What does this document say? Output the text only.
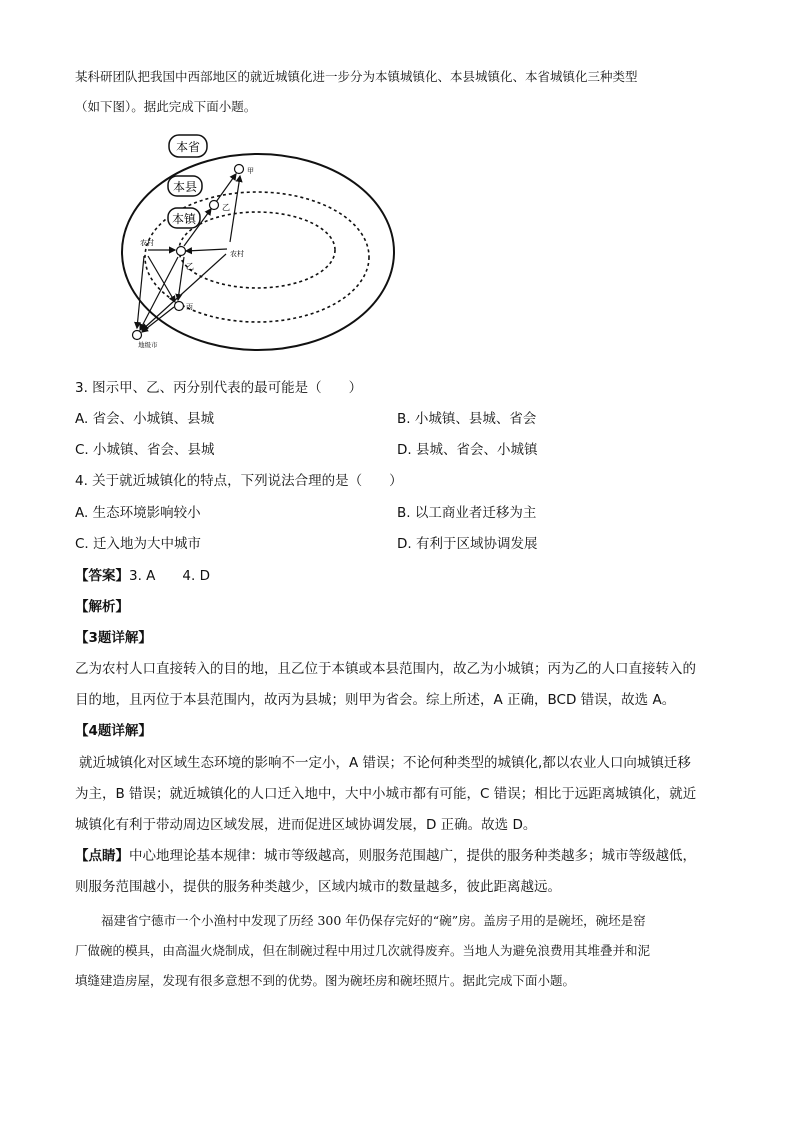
某科研团队把我国中西部地区的就近城镇化进一步分为本镇城镇化、本县城镇化、本省城镇化三种类型
（如下图）。据此完成下面小题。
本省
本县
本镇
甲
乙
乙
丙
地级市
农村
农村
3. 图示甲、乙、丙分别代表的最可能是（　　）
A. 省会、小城镇、县城	B. 小城镇、县城、省会
C. 小城镇、省会、县城	D. 县城、省会、小城镇
4. 关于就近城镇化的特点，下列说法合理的是（　　）
A. 生态环境影响较小	B. 以工商业者迁移为主
C. 迁入地为大中城市	D. 有利于区域协调发展
【答案】3. A　　4. D
【解析】
【3题详解】
乙为农村人口直接转入的目的地，且乙位于本镇或本县范围内，故乙为小城镇；丙为乙的人口直接转入的
目的地，且丙位于本县范围内，故丙为县城；则甲为省会。综上所述，A 正确，BCD 错误，故选 A。
【4题详解】
就近城镇化对区域生态环境的影响不一定小，A 错误；不论何种类型的城镇化,都以农业人口向城镇迁移
为主，B 错误；就近城镇化的人口迁入地中，大中小城市都有可能，C 错误；相比于远距离城镇化，就近
城镇化有利于带动周边区域发展，进而促进区域协调发展，D 正确。故选 D。
【点睛】中心地理论基本规律：城市等级越高，则服务范围越广，提供的服务种类越多；城市等级越低，
则服务范围越小，提供的服务种类越少，区域内城市的数量越多，彼此距离越远。
福建省宁德市一个小渔村中发现了历经 300 年仍保存完好的“碗”房。盖房子用的是碗坯，碗坯是窑
厂做碗的模具，由高温火烧制成，但在制碗过程中用过几次就得废弃。当地人为避免浪费用其堆叠并和泥
填缝建造房屋，发现有很多意想不到的优势。图为碗坯房和碗坯照片。据此完成下面小题。
